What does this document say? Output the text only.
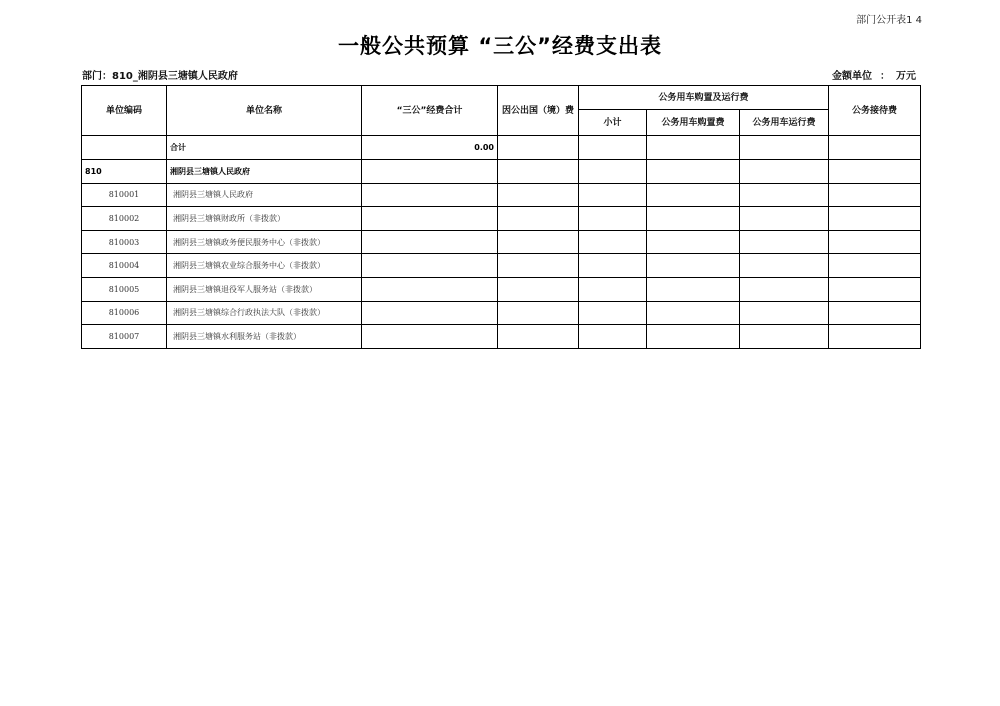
部门公开表1 4
一般公共预算 “三公”经费支出表
部门：810_湘阴县三塘镇人民政府	金额单位 ： 万元
单位编码	单位名称	“三公”经费合计	因公出国（境）费	公务用车购置及运行费			公务接待费
				小计	公务用车购置费	公务用车运行费	
	合计	0.00					
810	湘阴县三塘镇人民政府						
810001	湘阴县三塘镇人民政府						
810002	湘阴县三塘镇财政所（非拨款）						
810003	湘阴县三塘镇政务便民服务中心（非拨款）						
810004	湘阴县三塘镇农业综合服务中心（非拨款）						
810005	湘阴县三塘镇退役军人服务站（非拨款）						
810006	湘阴县三塘镇综合行政执法大队（非拨款）						
810007	湘阴县三塘镇水利服务站（非拨款）						
